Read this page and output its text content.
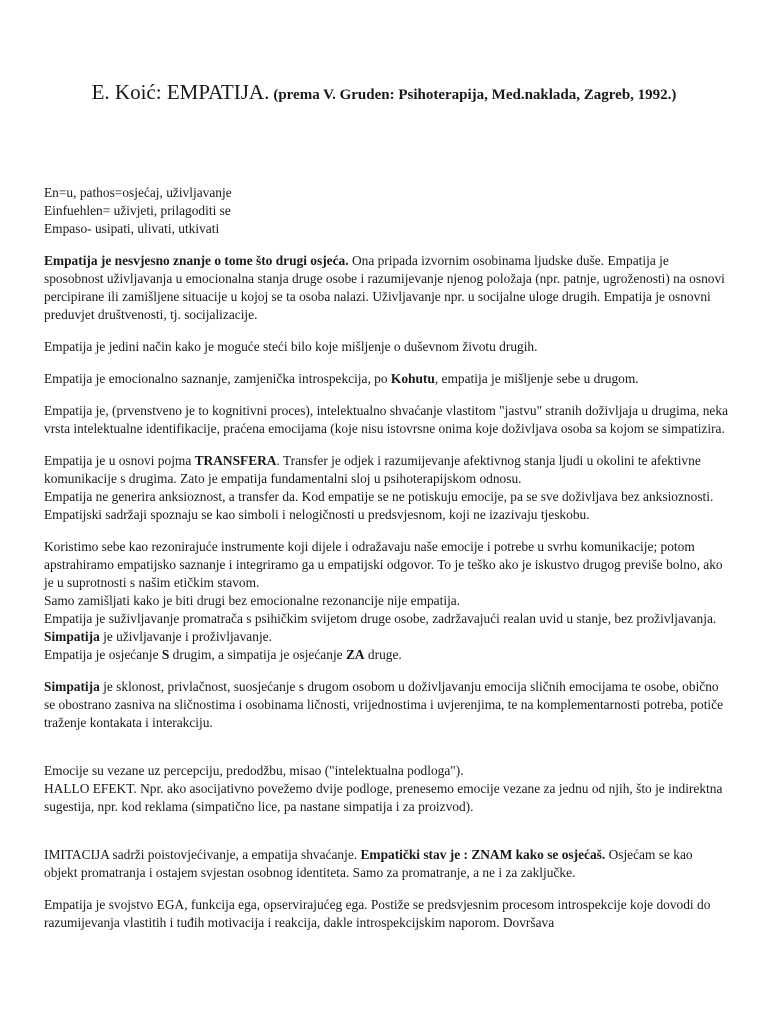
E. Koić: EMPATIJA. (prema V. Gruden: Psihoterapija, Med.naklada, Zagreb, 1992.)
En=u, pathos=osjećaj, uživljavanje
Einfuehlen= uživjeti, prilagoditi se
Empaso- usipati, ulivati, utkivati

Empatija je nesvjesno znanje o tome što drugi osjeća. Ona pripada izvornim osobinama ljudske duše. Empatija je sposobnost uživljavanja u emocionalna stanja druge osobe i razumijevanje njenog položaja (npr. patnje, ugroženosti) na osnovi percipirane ili zamišljene situacije u kojoj se ta osoba nalazi. Uživljavanje npr. u socijalne uloge drugih. Empatija je osnovni preduvjet društvenosti, tj. socijalizacije.

Empatija je jedini način kako je moguće steći bilo koje mišljenje o duševnom životu drugih.

Empatija je emocionalno saznanje, zamjenička introspekcija, po Kohutu, empatija je mišljenje sebe u drugom.

Empatija je, (prvenstveno je to kognitivni proces), intelektualno shvaćanje vlastitom "jastvu" stranih doživljaja u drugima, neka vrsta intelektualne identifikacije, praćena emocijama (koje nisu istovrsne onima koje doživljava osoba sa kojom se simpatizira.

Empatija je u osnovi pojma TRANSFERA. Transfer je odjek i razumijevanje afektivnog stanja ljudi u okolini te afektivne komunikacije s drugima. Zato je empatija fundamentalni sloj u psihoterapijskom odnosu.
Empatija ne generira anksioznost, a transfer da. Kod empatije se ne potiskuju emocije, pa se sve doživljava bez anksioznosti. Empatijski sadržaji spoznaju se kao simboli i nelogičnosti u predsvjesnom, koji ne izazivaju tjeskobu.

Koristimo sebe kao rezonirajuće instrumente koji dijele i odražavaju naše emocije i potrebe u svrhu komunikacije; potom apstrahiramo empatijsko saznanje i integriramo ga u empatijski odgovor. To je teško ako je iskustvo drugog previše bolno, ako je u suprotnosti s našim etičkim stavom.
Samo zamišljati kako je biti drugi bez emocionalne rezonancije nije empatija.
Empatija je suživljavanje promatrača s psihičkim svijetom druge osobe, zadržavajući realan uvid u stanje, bez proživljavanja. Simpatija je uživljavanje i proživljavanje.
Empatija je osjećanje S drugim, a simpatija je osjećanje ZA druge.

Simpatija je sklonost, privlačnost, suosjećanje s drugom osobom u doživljavanju emocija sličnih emocijama te osobe, obično se obostrano zasniva na sličnostima i osobinama ličnosti, vrijednostima i uvjerenjima, te na komplementarnosti potreba, potiče traženje kontakata i interakciju.

Emocije su vezane uz percepciju, predodžbu, misao ("intelektualna podloga").
HALLO EFEKT. Npr. ako asocijativno povežemo dvije podloge, prenesemo emocije vezane za jednu od njih, što je indirektna sugestija, npr. kod reklama (simpatično lice, pa nastane simpatija i za proizvod).

IMITACIJA sadrži poistovjećivanje, a empatija shvaćanje. Empatički stav je : ZNAM kako se osjećaš. Osjećam se kao objekt promatranja i ostajem svjestan osobnog identiteta. Samo za promatranje, a ne i za zaključke.

Empatija je svojstvo EGA, funkcija ega, opservirajućeg ega. Postiže se predsvjesnim procesom introspekcije koje dovodi do razumijevanja vlastitih i tuđih motivacija i reakcija, dakle introspekcijskim naporom. Dovršava
